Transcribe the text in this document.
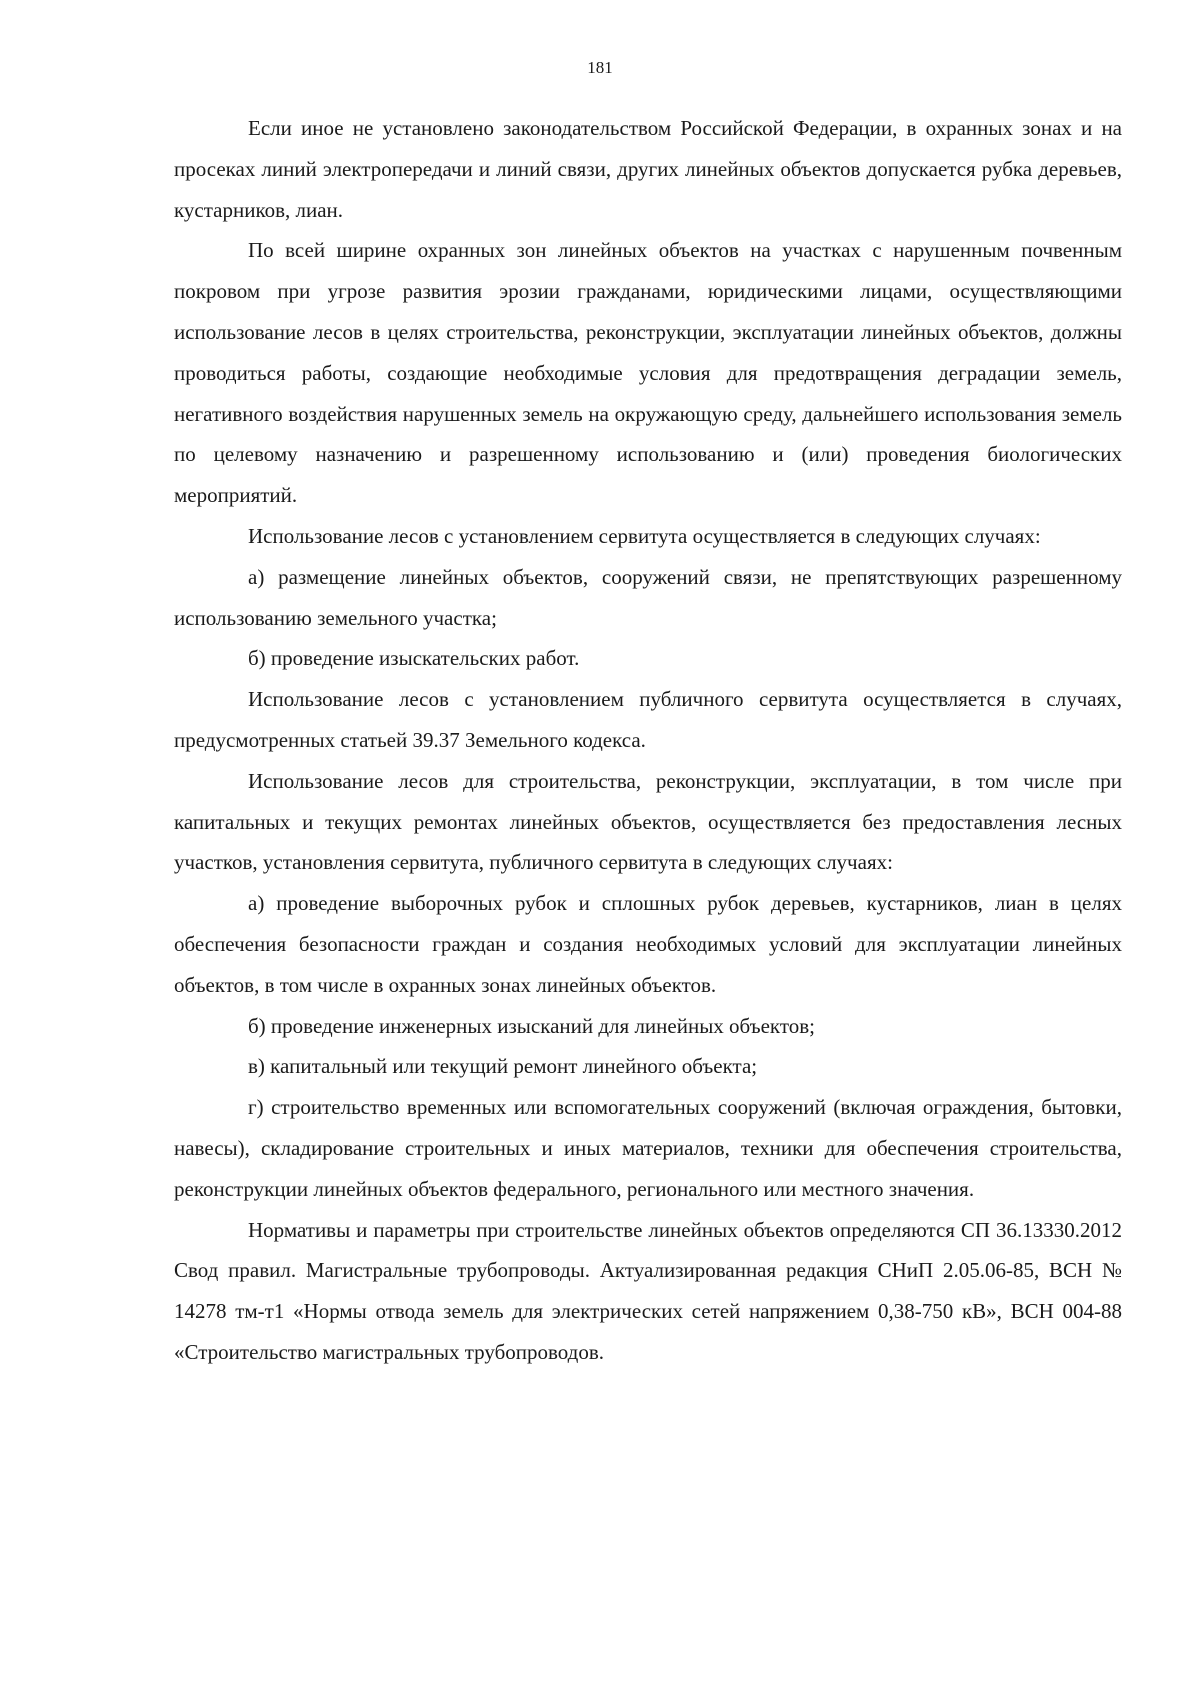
181

Если иное не установлено законодательством Российской Федерации, в охранных зонах и на просеках линий электропередачи и линий связи, других линейных объектов допускается рубка деревьев, кустарников, лиан.

По всей ширине охранных зон линейных объектов на участках с нарушенным почвенным покровом при угрозе развития эрозии гражданами, юридическими лицами, осуществляющими использование лесов в целях строительства, реконструкции, эксплуатации линейных объектов, должны проводиться работы, создающие необходимые условия для предотвращения деградации земель, негативного воздействия нарушенных земель на окружающую среду, дальнейшего использования земель по целевому назначению и разрешенному использованию и (или) проведения биологических мероприятий.

Использование лесов с установлением сервитута осуществляется в следующих случаях:

а) размещение линейных объектов, сооружений связи, не препятствующих разрешенному использованию земельного участка;

б) проведение изыскательских работ.

Использование лесов с установлением публичного сервитута осуществляется в случаях, предусмотренных статьей 39.37 Земельного кодекса.

Использование лесов для строительства, реконструкции, эксплуатации, в том числе при капитальных и текущих ремонтах линейных объектов, осуществляется без предоставления лесных участков, установления сервитута, публичного сервитута в следующих случаях:

а) проведение выборочных рубок и сплошных рубок деревьев, кустарников, лиан в целях обеспечения безопасности граждан и создания необходимых условий для эксплуатации линейных объектов, в том числе в охранных зонах линейных объектов.

б) проведение инженерных изысканий для линейных объектов;

в) капитальный или текущий ремонт линейного объекта;

г) строительство временных или вспомогательных сооружений (включая ограждения, бытовки, навесы), складирование строительных и иных материалов, техники для обеспечения строительства, реконструкции линейных объектов федерального, регионального или местного значения.

Нормативы и параметры при строительстве линейных объектов определяются СП 36.13330.2012 Свод правил. Магистральные трубопроводы. Актуализированная редакция СНиП 2.05.06-85, ВСН № 14278 тм-т1 «Нормы отвода земель для электрических сетей напряжением 0,38-750 кВ», ВСН 004-88 «Строительство магистральных трубопроводов.
